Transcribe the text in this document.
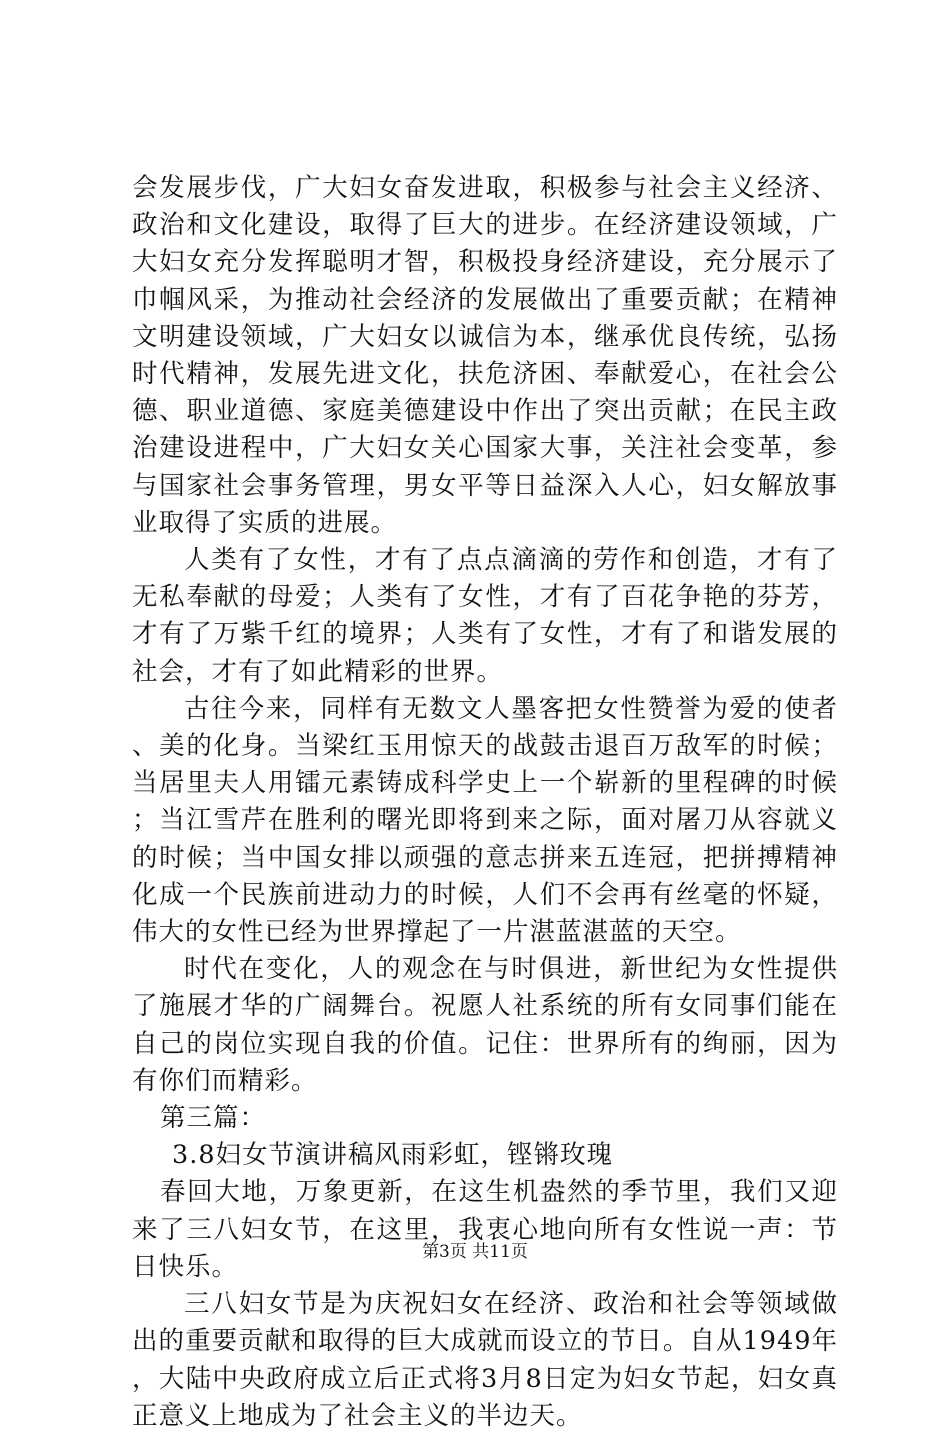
会发展步伐，广大妇女奋发进取，积极参与社会主义经济、政治和文化建设，取得了巨大的进步。在经济建设领域，广大妇女充分发挥聪明才智，积极投身经济建设，充分展示了巾帼风采，为推动社会经济的发展做出了重要贡献；在精神文明建设领域，广大妇女以诚信为本，继承优良传统，弘扬时代精神，发展先进文化，扶危济困、奉献爱心，在社会公德、职业道德、家庭美德建设中作出了突出贡献；在民主政治建设进程中，广大妇女关心国家大事，关注社会变革，参与国家社会事务管理，男女平等日益深入人心，妇女解放事业取得了实质的进展。

人类有了女性，才有了点点滴滴的劳作和创造，才有了无私奉献的母爱；人类有了女性，才有了百花争艳的芬芳，才有了万紫千红的境界；人类有了女性，才有了和谐发展的社会，才有了如此精彩的世界。

古往今来，同样有无数文人墨客把女性赞誉为爱的使者、美的化身。当梁红玉用惊天的战鼓击退百万敌军的时候；当居里夫人用镭元素铸成科学史上一个崭新的里程碑的时候；当江雪芹在胜利的曙光即将到来之际，面对屠刀从容就义的时候；当中国女排以顽强的意志拼来五连冠，把拼搏精神化成一个民族前进动力的时候，人们不会再有丝毫的怀疑，伟大的女性已经为世界撑起了一片湛蓝湛蓝的天空。

时代在变化，人的观念在与时俱进，新世纪为女性提供了施展才华的广阔舞台。祝愿人社系统的所有女同事们能在自己的岗位实现自我的价值。记住：世界所有的绚丽，因为有你们而精彩。

第三篇：

3.8妇女节演讲稿风雨彩虹，铿锵玫瑰

春回大地，万象更新，在这生机盎然的季节里，我们又迎来了三八妇女节，在这里，我衷心地向所有女性说一声：节日快乐。

三八妇女节是为庆祝妇女在经济、政治和社会等领域做出的重要贡献和取得的巨大成就而设立的节日。自从1949年，大陆中央政府成立后正式将3月8日定为妇女节起，妇女真正意义上地成为了社会主义的半边天。

第3页 共11页
